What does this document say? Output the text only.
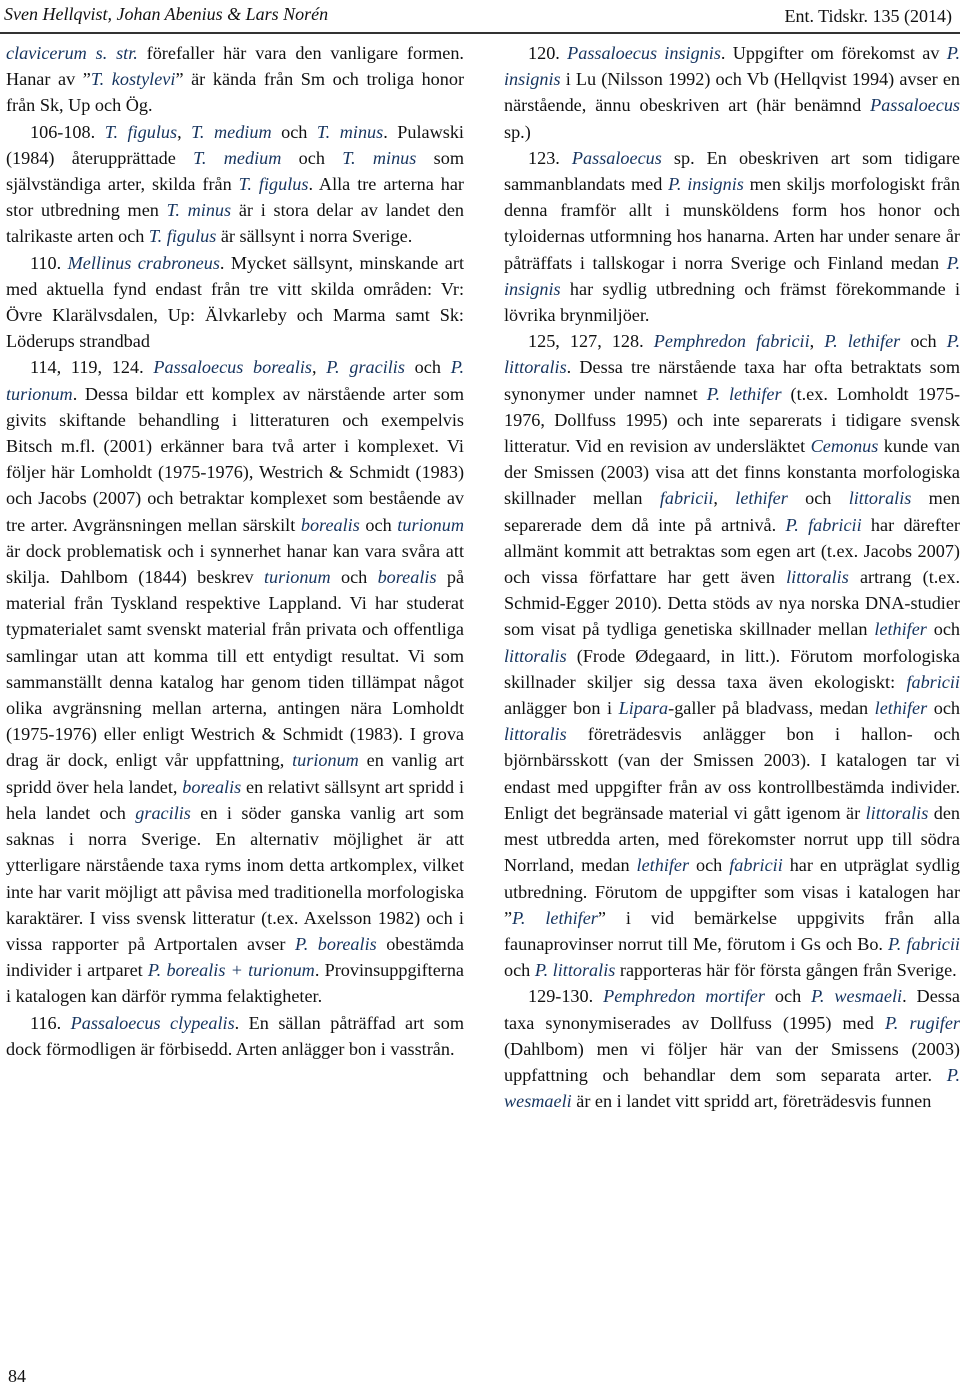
Sven Hellqvist, Johan Abenius & Lars Norén	Ent. Tidskr. 135 (2014)

clavicerum s. str. förefaller här vara den vanligare formen. Hanar av ”T. kostylevi” är kända från Sm och troliga honor från Sk, Up och Ög.

106-108. T. figulus, T. medium och T. minus. Pulawski (1984) återupprättade T. medium och T. minus som självständiga arter, skilda från T. figulus. Alla tre arterna har stor utbredning men T. minus är i stora delar av landet den talrikaste arten och T. figulus är sällsynt i norra Sverige.

110. Mellinus crabroneus. Mycket sällsynt, minskande art med aktuella fynd endast från tre vitt skilda områden: Vr: Övre Klarälvsdalen, Up: Älvkarleby och Marma samt Sk: Löderups strandbad

114, 119, 124. Passaloecus borealis, P. gracilis och P. turionum. Dessa bildar ett komplex av närstående arter som givits skiftande behandling i litteraturen och exempelvis Bitsch m.fl. (2001) erkänner bara två arter i komplexet. Vi följer här Lomholdt (1975-1976), Westrich & Schmidt (1983) och Jacobs (2007) och betraktar komplexet som bestående av tre arter. Avgränsningen mellan särskilt borealis och turionum är dock problematisk och i synnerhet hanar kan vara svåra att skilja. Dahlbom (1844) beskrev turionum och borealis på material från Tyskland respektive Lappland. Vi har studerat typmaterialet samt svenskt material från privata och offentliga samlingar utan att komma till ett entydigt resultat. Vi som sammanställt denna katalog har genom tiden tillämpat något olika avgränsning mellan arterna, antingen nära Lomholdt (1975-1976) eller enligt Westrich & Schmidt (1983). I grova drag är dock, enligt vår uppfattning, turionum en vanlig art spridd över hela landet, borealis en relativt sällsynt art spridd i hela landet och gracilis en i söder ganska vanlig art som saknas i norra Sverige. En alternativ möjlighet är att ytterligare närstående taxa ryms inom detta artkomplex, vilket inte har varit möjligt att påvisa med traditionella morfologiska karaktärer. I viss svensk litteratur (t.ex. Axelsson 1982) och i vissa rapporter på Artportalen avser P. borealis obestämda individer i artparet P. borealis + turionum. Provinsuppgifterna i katalogen kan därför rymma felaktigheter.

116. Passaloecus clypealis. En sällan påträffad art som dock förmodligen är förbisedd. Arten anlägger bon i vasstrån.

120. Passaloecus insignis. Uppgifter om förekomst av P. insignis i Lu (Nilsson 1992) och Vb (Hellqvist 1994) avser en närstående, ännu obeskriven art (här benämnd Passaloecus sp.)

123. Passaloecus sp. En obeskriven art som tidigare sammanblandats med P. insignis men skiljs morfologiskt från denna framför allt i munsköldens form hos honor och tyloidernas utformning hos hanarna. Arten har under senare år påträffats i tallskogar i norra Sverige och Finland medan P. insignis har sydlig utbredning och främst förekommande i lövrika brynmiljöer.

125, 127, 128. Pemphredon fabricii, P. lethifer och P. littoralis. Dessa tre närstående taxa har ofta betraktats som synonymer under namnet P. lethifer (t.ex. Lomholdt 1975-1976, Dollfuss 1995) och inte separerats i tidigare svensk litteratur. Vid en revision av undersläktet Cemonus kunde van der Smissen (2003) visa att det finns konstanta morfologiska skillnader mellan fabricii, lethifer och littoralis men separerade dem då inte på artnivå. P. fabricii har därefter allmänt kommit att betraktas som egen art (t.ex. Jacobs 2007) och vissa författare har gett även littoralis artrang (t.ex. Schmid-Egger 2010). Detta stöds av nya norska DNA-studier som visat på tydliga genetiska skillnader mellan lethifer och littoralis (Frode Ødegaard, in litt.). Förutom morfologiska skillnader skiljer sig dessa taxa även ekologiskt: fabricii anlägger bon i Lipara-galler på bladvass, medan lethifer och littoralis företrädesvis anlägger bon i hallon- och björnbärsskott (van der Smissen 2003). I katalogen tar vi endast med uppgifter från av oss kontrollbestämda individer. Enligt det begränsade material vi gått igenom är littoralis den mest utbredda arten, med förekomster norrut upp till södra Norrland, medan lethifer och fabricii har en utpräglat sydlig utbredning. Förutom de uppgifter som visas i katalogen har ”P. lethifer” i vid bemärkelse uppgivits från alla faunaprovinser norrut till Me, förutom i Gs och Bo. P. fabricii och P. littoralis rapporteras här för första gången från Sverige.

129-130. Pemphredon mortifer och P. wesmaeli. Dessa taxa synonymiserades av Dollfuss (1995) med P. rugifer (Dahlbom) men vi följer här van der Smissens (2003) uppfattning och behandlar dem som separata arter. P. wesmaeli är en i landet vitt spridd art, företrädesvis funnen

84
